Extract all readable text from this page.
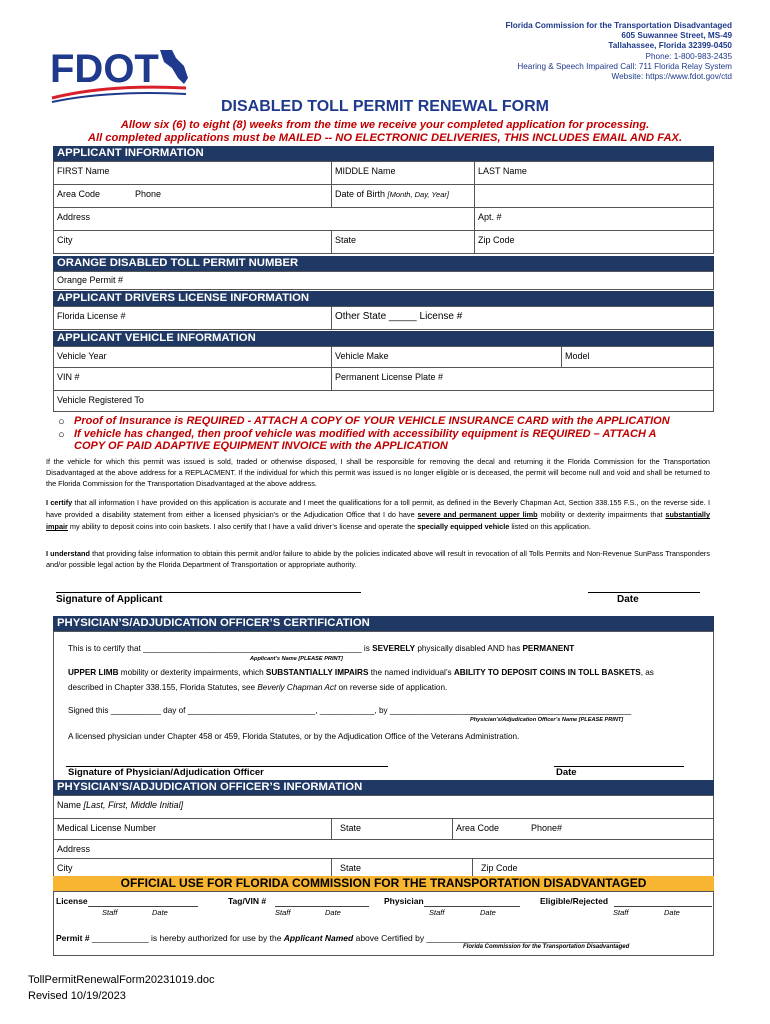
Florida Commission for the Transportation Disadvantaged
605 Suwannee Street, MS-49
Tallahassee, Florida 32399-0450
Phone: 1-800-983-2435
Hearing & Speech Impaired Call: 711 Florida Relay System
Website: https://www.fdot.gov/ctd
FDOT
DISABLED TOLL PERMIT RENEWAL FORM
Allow six (6) to eight (8) weeks from the time we receive your completed application for processing.
All completed applications must be MAILED -- NO ELECTRONIC DELIVERIES, THIS INCLUDES EMAIL AND FAX.
APPLICANT INFORMATION
FIRST Name	MIDDLE Name	LAST Name
Area Code	Phone	Date of Birth [Month, Day, Year]
Address	Apt. #
City	State	Zip Code
ORANGE DISABLED TOLL PERMIT NUMBER
Orange Permit #
APPLICANT DRIVERS LICENSE INFORMATION
Florida License #	Other State _____ License #
APPLICANT VEHICLE INFORMATION
Vehicle Year	Vehicle Make	Model
VIN #	Permanent License Plate #
Vehicle Registered To
○ Proof of Insurance is REQUIRED - ATTACH A COPY OF YOUR VEHICLE INSURANCE CARD with the APPLICATION
○ If vehicle has changed, then proof vehicle was modified with accessibility equipment is REQUIRED – ATTACH A
COPY OF PAID ADAPTIVE EQUIPMENT INVOICE with the APPLICATION
If the vehicle for which this permit was issued is sold, traded or otherwise disposed, I shall be responsible for removing the decal and returning it the Florida Commission for the Transportation Disadvantaged at the above address for a REPLACMENT. If the individual for which this permit was issued is no longer eligible or is deceased, the permit will become null and void and shall be returned to the Florida Commission for the Transportation Disadvantaged at the above address.
I certify that all information I have provided on this application is accurate and I meet the qualifications for a toll permit, as defined in the Beverly Chapman Act, Section 338.155 F.S., on the reverse side. I have provided a disability statement from either a licensed physician’s or the Adjudication Office that I do have severe and permanent upper limb mobility or dexterity impairments that substantially impair my ability to deposit coins into coin baskets. I also certify that I have a valid driver’s license and operate the specially equipped vehicle listed on this application.
I understand that providing false information to obtain this permit and/or failure to abide by the policies indicated above will result in revocation of all Tolls Permits and Non-Revenue SunPass Transponders and/or possible legal action by the Florida Department of Transportation or appropriate authority.
Signature of Applicant	Date
PHYSICIAN’S/ADJUDICATION OFFICER’S CERTIFICATION
This is to certify that ________________________________________________ is SEVERELY physically disabled AND has PERMANENT
Applicant’s Name [PLEASE PRINT]
UPPER LIMB mobility or dexterity impairments, which SUBSTANTIALLY IMPAIRS the named individual’s ABILITY TO DEPOSIT COINS IN TOLL BASKETS, as
described in Chapter 338.155, Florida Statutes, see Beverly Chapman Act on reverse side of application.
Signed this ___________ day of ____________________________, ____________, by _____________________________________________________
Physician’s/Adjudication Officer’s Name [PLEASE PRINT]
A licensed physician under Chapter 458 or 459, Florida Statutes, or by the Adjudication Office of the Veterans Administration.
Signature of Physician/Adjudication Officer	Date
PHYSICIAN’S/ADJUDICATION OFFICER’S INFORMATION
Name [Last, First, Middle Initial]
Medical License Number	State	Area Code	Phone#
Address
City	State	Zip Code
OFFICIAL USE FOR FLORIDA COMMISSION FOR THE TRANSPORTATION DISADVANTAGED
License
Staff	Date
Tag/VIN #
Staff	Date
Physician
Staff	Date
Eligible/Rejected
Staff	Date
Permit # ____________ is hereby authorized for use by the Applicant Named above Certified by _________________________________________
Florida Commission for the Transportation Disadvantaged
TollPermitRenewalForm20231019.doc
Revised 10/19/2023
